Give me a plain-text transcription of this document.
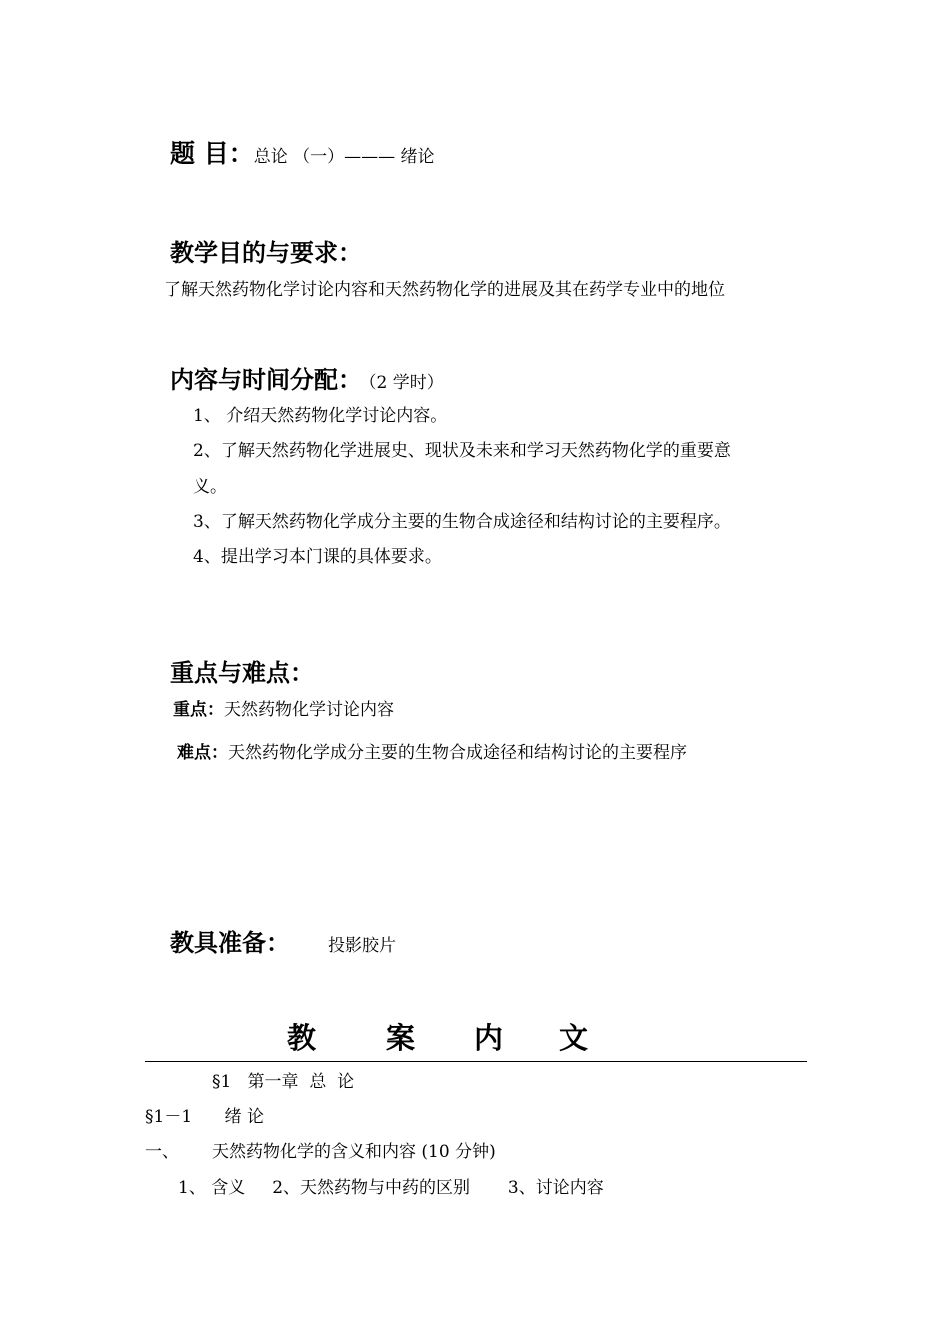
题 目：总论 （一）——— 绪论
教学目的与要求：
了解天然药物化学讨论内容和天然药物化学的进展及其在药学专业中的地位
内容与时间分配： （2 学时）
1、 介绍天然药物化学讨论内容。
2、了解天然药物化学进展史、现状及未来和学习天然药物化学的重要意
义。
3、了解天然药物化学成分主要的生物合成途径和结构讨论的主要程序。
4、提出学习本门课的具体要求。
重点与难点：
重点：天然药物化学讨论内容
难点：天然药物化学成分主要的生物合成途径和结构讨论的主要程序
教具准备： 投影胶片
教 案 内 文
§1   第一章  总  论
§1－1      绪 论
一、 天然药物化学的含义和内容 (10 分钟)
1、 含义     2、天然药物与中药的区别       3、讨论内容
